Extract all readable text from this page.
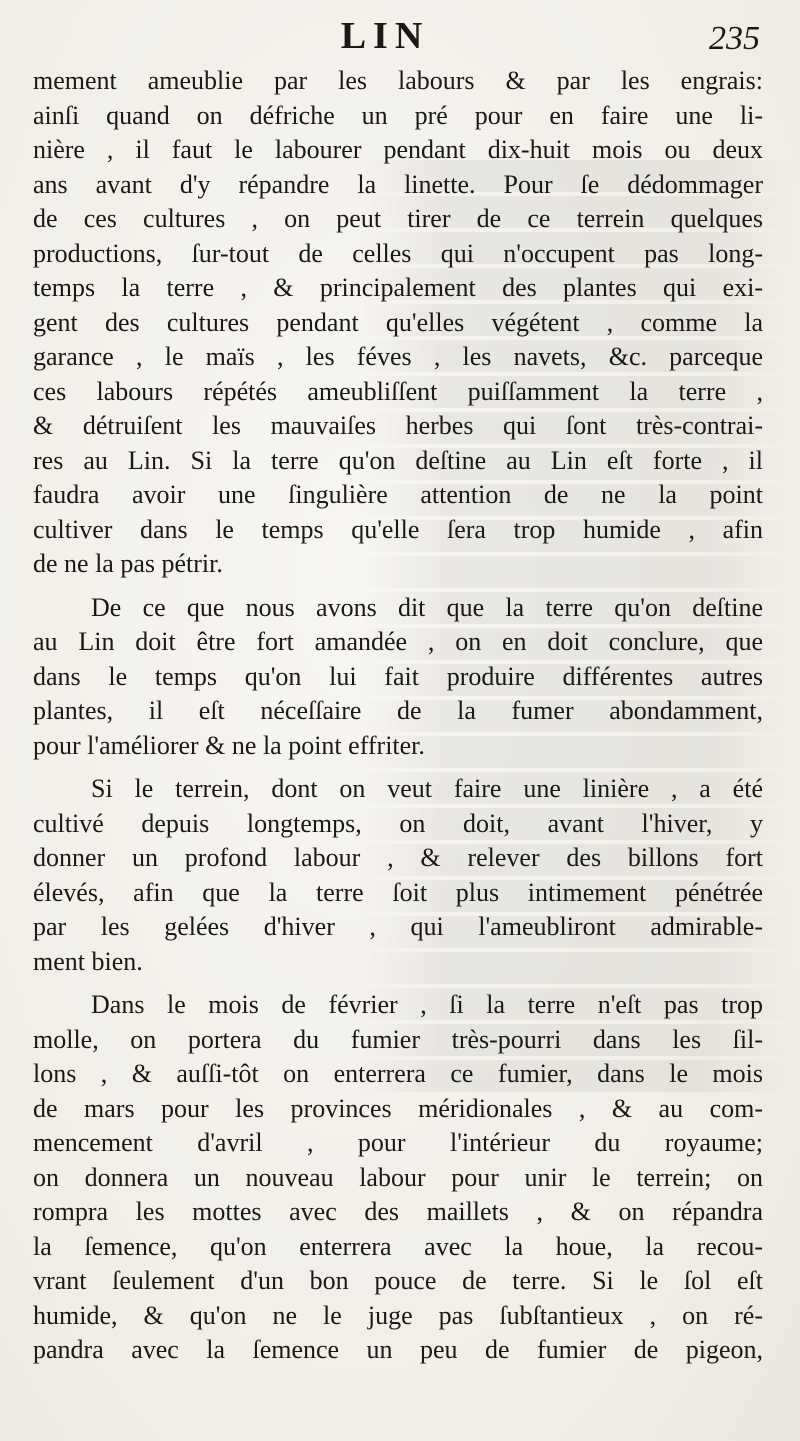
LIN	235
mement ameublie par les labours & par les engrais:
ainſi quand on défriche un pré pour en faire une li-
nière , il faut le labourer pendant dix-huit mois ou deux
ans avant d'y répandre la linette. Pour ſe dédommager
de ces cultures , on peut tirer de ce terrein quelques
productions, ſur-tout de celles qui n'occupent pas long-
temps la terre , & principalement des plantes qui exi-
gent des cultures pendant qu'elles végétent , comme la
garance , le maïs , les féves , les navets, &c. parceque
ces labours répétés ameubliſſent puiſſamment la terre ,
& détruiſent les mauvaiſes herbes qui ſont très-contrai-
res au Lin. Si la terre qu'on deſtine au Lin eſt forte , il
faudra avoir une ſingulière attention de ne la point
cultiver dans le temps qu'elle ſera trop humide , afin
de ne la pas pétrir.
De ce que nous avons dit que la terre qu'on deſtine
au Lin doit être fort amandée , on en doit conclure, que
dans le temps qu'on lui fait produire différentes autres
plantes, il eſt néceſſaire de la fumer abondamment,
pour l'améliorer & ne la point effriter.
Si le terrein, dont on veut faire une linière , a été
cultivé depuis longtemps, on doit, avant l'hiver, y
donner un profond labour , & relever des billons fort
élevés, afin que la terre ſoit plus intimement pénétrée
par les gelées d'hiver , qui l'ameubliront admirable-
ment bien.
Dans le mois de février , ſi la terre n'eſt pas trop
molle, on portera du fumier très-pourri dans les ſil-
lons , & auſſi-tôt on enterrera ce fumier, dans le mois
de mars pour les provinces méridionales , & au com-
mencement d'avril , pour l'intérieur du royaume;
on donnera un nouveau labour pour unir le terrein; on
rompra les mottes avec des maillets , & on répandra
la ſemence, qu'on enterrera avec la houe, la recou-
vrant ſeulement d'un bon pouce de terre. Si le ſol eſt
humide, & qu'on ne le juge pas ſubſtantieux , on ré-
pandra avec la ſemence un peu de fumier de pigeon,
